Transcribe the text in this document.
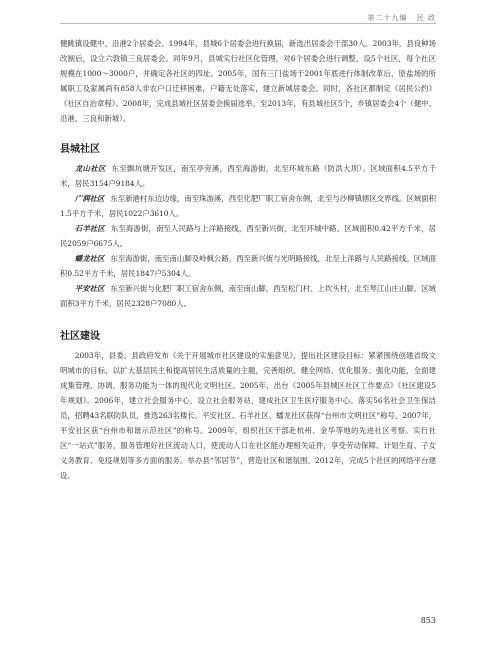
第二十九编 民 政

健跳镇设健中、沿港2个居委会。1994年，县城6个居委会进行换届，新选出居委会干部30人。2003年，县良种场改制后，设立六敦镇三良居委会。同年9月，县城实行社区化管理，对6个居委会进行调整，设5个社区，每个社区规模在1000～3000户，并确定各社区的四址。2005年，国有三门盐场于2001年底进行体制改革后，原盐场的所属职工及家属尚有858人非农户口迁移困难，户籍无处落实，建立新城居委会。同时，各社区都制定《居民公约》《社区自治章程》。2008年，完成县城社区居委会换届选举。至2013年，有县城社区5个，乡镇居委会4个（健中、沿港、三良和新城）。

县城社区

龙山社区 东至飘坑塘开发区，南至亭旁溪，西至海游街，北至环城东路（防洪大坝）。区域面积4.5平方千米，居民3154户9184人。

广润社区 东至新港村东边边缘，南至珠游溪，西至化肥厂职工宿舍东侧，北至与沙柳镇辖区交界线。区域面积1.5平方千米，居民1022户3610人。

石羊社区 东至海游街，南至人民路与上洋路接线，西至新兴街，北至环城中路。区域面积0.42平方千米，居民2059户6675人。

蟠龙社区 东至海游街，南至南山脚及岭枫公路，西至新兴街与光明路接线，北至上洋路与人民路接线。区域面积0.52平方千米，居民1847户5304人。

平安社区 东至新兴街与化肥厂职工宿舍东侧，南至南山脚，西至松门村、上坎头村，北至琴江山庄山脚。区域面积3平方千米，居民2328户7080人。

社区建设

2003年，县委、县政府发布《关于开展城市社区建设的实施意见》，提出社区建设目标：紧紧围绕创建省级文明城市的目标，以扩大基层民主和提高居民生活质量的主题，完善组织、健全网络、优化服务、强化功能，全面建成集管理、协调、服务功能为一体的现代化文明社区。2005年，出台《2005年县城区社区工作要点》《社区建设5年规划》。2006年，建立社会服务中心，设立社会服务站，建成社区卫生医疗服务中心。落实56名社会卫生保洁员，招聘43名联防队员，推选263名楼长。平安社区、石羊社区、蟠龙社区获得“台州市文明社区”称号。2007年，平安社区获“台州市和谐示范社区”的称号。2009年，组织社区干部赴杭州、金华等地的先进社区考察。实行社区“一站式”服务，服务管理好社区流动人口，使流动人口在社区能办理相关证件，享受劳动保障、计划生育、子女义务教育、免疫规划等多方面的服务。举办县“邻居节”，营造社区和谐氛围。2012年，完成5个社区的网络平台建设。

853
